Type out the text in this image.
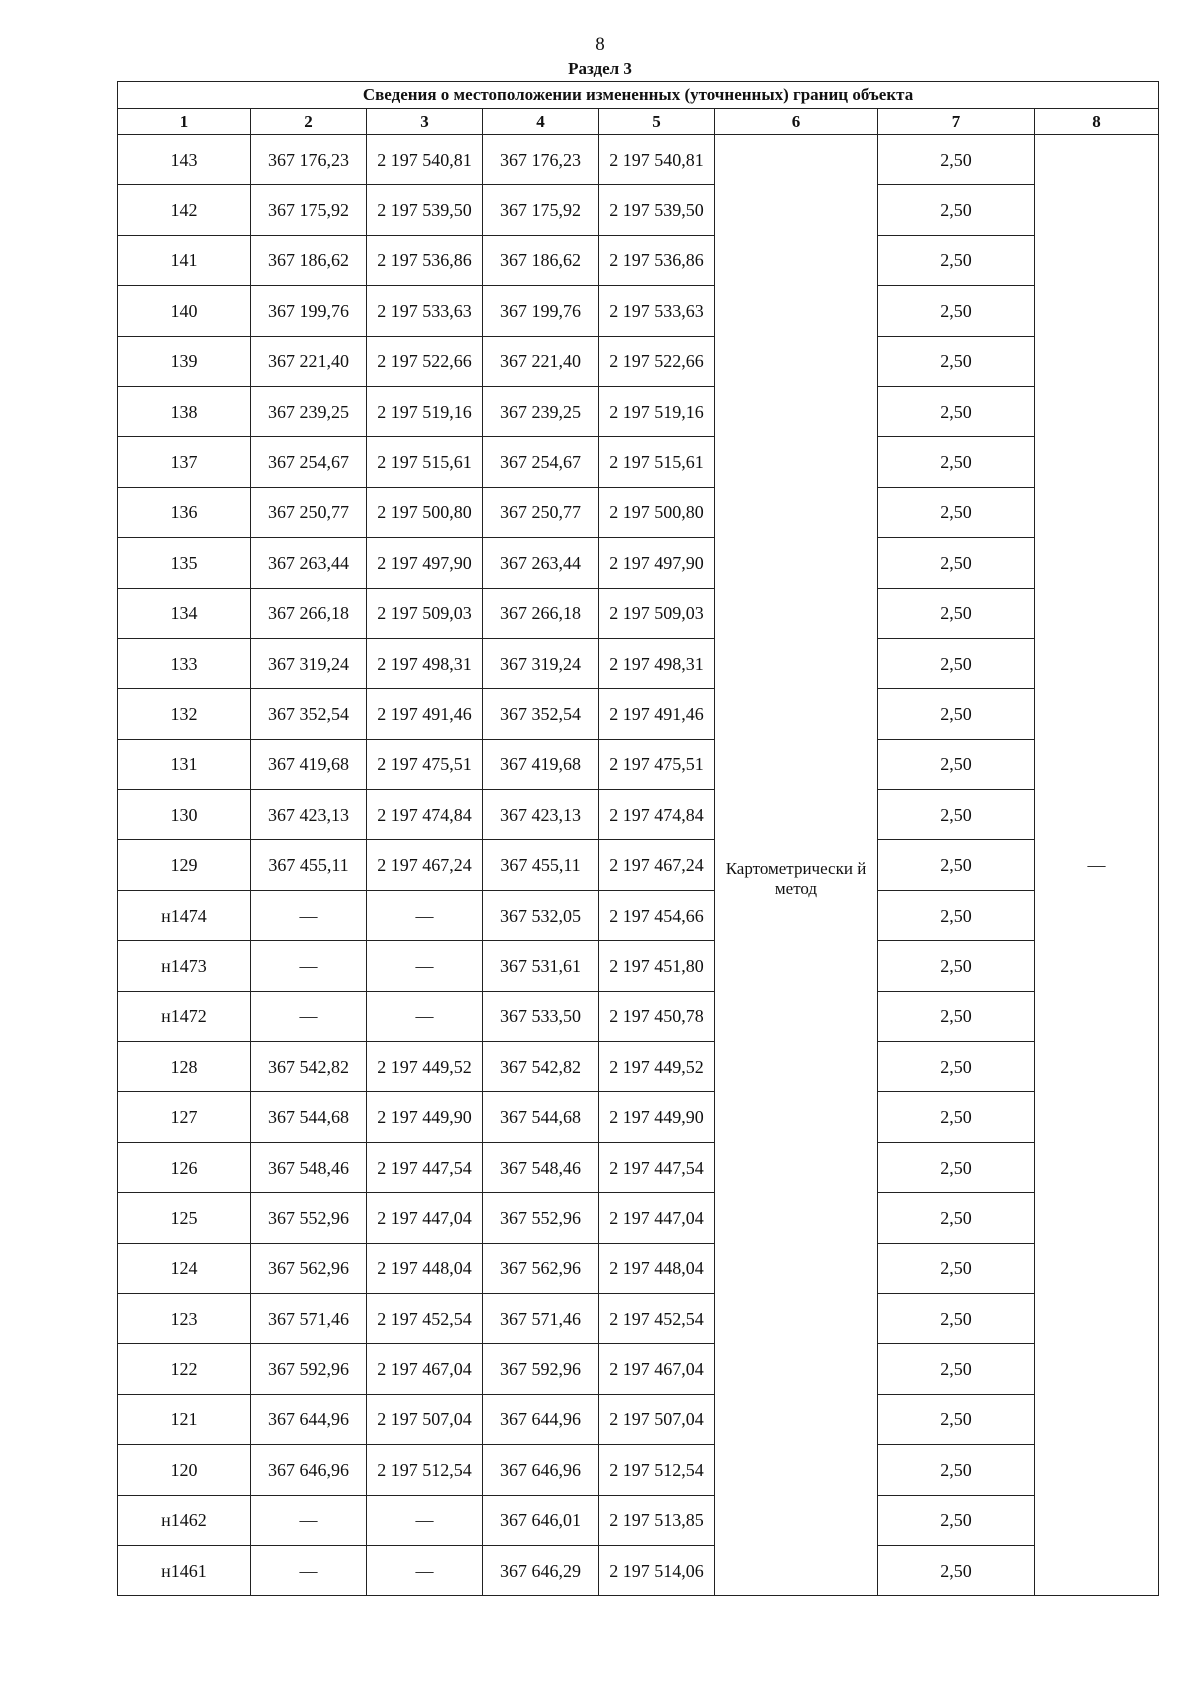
8
Раздел 3
Сведения о местоположении измененных (уточненных) границ объекта							
1	2	3	4	5	6	7	8
143	367 176,23	2 197 540,81	367 176,23	2 197 540,81	Картометрически й метод	2,50	—
142	367 175,92	2 197 539,50	367 175,92	2 197 539,50		2,50	
141	367 186,62	2 197 536,86	367 186,62	2 197 536,86		2,50	
140	367 199,76	2 197 533,63	367 199,76	2 197 533,63		2,50	
139	367 221,40	2 197 522,66	367 221,40	2 197 522,66		2,50	
138	367 239,25	2 197 519,16	367 239,25	2 197 519,16		2,50	
137	367 254,67	2 197 515,61	367 254,67	2 197 515,61		2,50	
136	367 250,77	2 197 500,80	367 250,77	2 197 500,80		2,50	
135	367 263,44	2 197 497,90	367 263,44	2 197 497,90		2,50	
134	367 266,18	2 197 509,03	367 266,18	2 197 509,03		2,50	
133	367 319,24	2 197 498,31	367 319,24	2 197 498,31		2,50	
132	367 352,54	2 197 491,46	367 352,54	2 197 491,46		2,50	
131	367 419,68	2 197 475,51	367 419,68	2 197 475,51		2,50	
130	367 423,13	2 197 474,84	367 423,13	2 197 474,84		2,50	
129	367 455,11	2 197 467,24	367 455,11	2 197 467,24		2,50	
н1474	—	—	367 532,05	2 197 454,66		2,50	
н1473	—	—	367 531,61	2 197 451,80		2,50	
н1472	—	—	367 533,50	2 197 450,78		2,50	
128	367 542,82	2 197 449,52	367 542,82	2 197 449,52		2,50	
127	367 544,68	2 197 449,90	367 544,68	2 197 449,90		2,50	
126	367 548,46	2 197 447,54	367 548,46	2 197 447,54		2,50	
125	367 552,96	2 197 447,04	367 552,96	2 197 447,04		2,50	
124	367 562,96	2 197 448,04	367 562,96	2 197 448,04		2,50	
123	367 571,46	2 197 452,54	367 571,46	2 197 452,54		2,50	
122	367 592,96	2 197 467,04	367 592,96	2 197 467,04		2,50	
121	367 644,96	2 197 507,04	367 644,96	2 197 507,04		2,50	
120	367 646,96	2 197 512,54	367 646,96	2 197 512,54		2,50	
н1462	—	—	367 646,01	2 197 513,85		2,50	
н1461	—	—	367 646,29	2 197 514,06		2,50	
